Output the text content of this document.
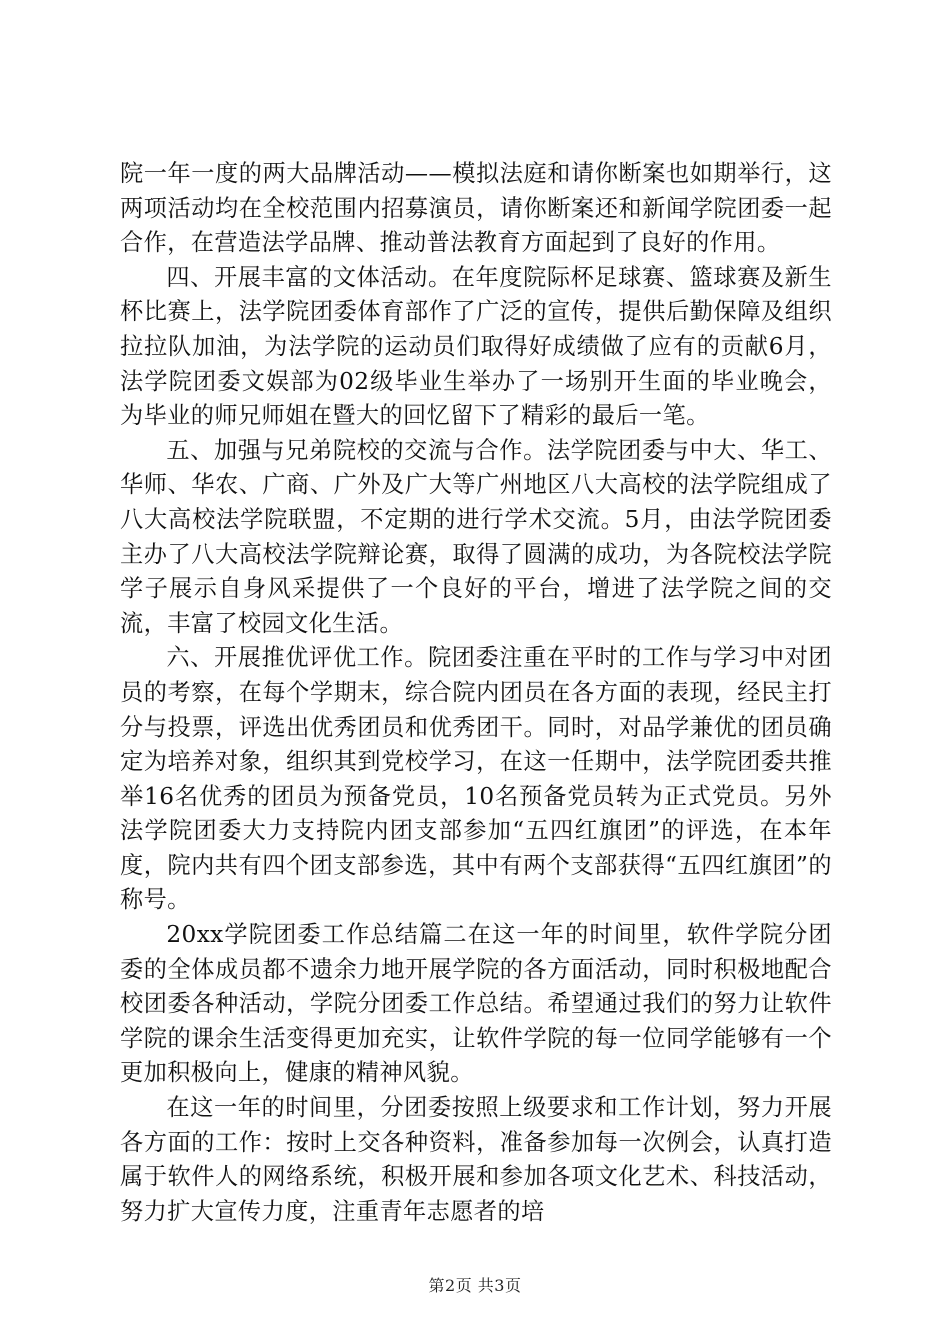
院一年一度的两大品牌活动——模拟法庭和请你断案也如期举行，这两项活动均在全校范围内招募演员，请你断案还和新闻学院团委一起合作，在营造法学品牌、推动普法教育方面起到了良好的作用。

四、开展丰富的文体活动。在年度院际杯足球赛、篮球赛及新生杯比赛上，法学院团委体育部作了广泛的宣传，提供后勤保障及组织拉拉队加油，为法学院的运动员们取得好成绩做了应有的贡献6月，法学院团委文娱部为02级毕业生举办了一场别开生面的毕业晚会，为毕业的师兄师姐在暨大的回忆留下了精彩的最后一笔。

五、加强与兄弟院校的交流与合作。法学院团委与中大、华工、华师、华农、广商、广外及广大等广州地区八大高校的法学院组成了八大高校法学院联盟，不定期的进行学术交流。5月，由法学院团委主办了八大高校法学院辩论赛，取得了圆满的成功，为各院校法学院学子展示自身风采提供了一个良好的平台，增进了法学院之间的交流，丰富了校园文化生活。

六、开展推优评优工作。院团委注重在平时的工作与学习中对团员的考察，在每个学期末，综合院内团员在各方面的表现，经民主打分与投票，评选出优秀团员和优秀团干。同时，对品学兼优的团员确定为培养对象，组织其到党校学习，在这一任期中，法学院团委共推举16名优秀的团员为预备党员，10名预备党员转为正式党员。另外法学院团委大力支持院内团支部参加“五四红旗团”的评选，在本年度，院内共有四个团支部参选，其中有两个支部获得“五四红旗团”的称号。

20xx学院团委工作总结篇二在这一年的时间里，软件学院分团委的全体成员都不遗余力地开展学院的各方面活动，同时积极地配合校团委各种活动，学院分团委工作总结。希望通过我们的努力让软件学院的课余生活变得更加充实，让软件学院的每一位同学能够有一个更加积极向上，健康的精神风貌。

在这一年的时间里，分团委按照上级要求和工作计划，努力开展各方面的工作：按时上交各种资料，准备参加每一次例会，认真打造属于软件人的网络系统，积极开展和参加各项文化艺术、科技活动，努力扩大宣传力度，注重青年志愿者的培

第2页 共3页
